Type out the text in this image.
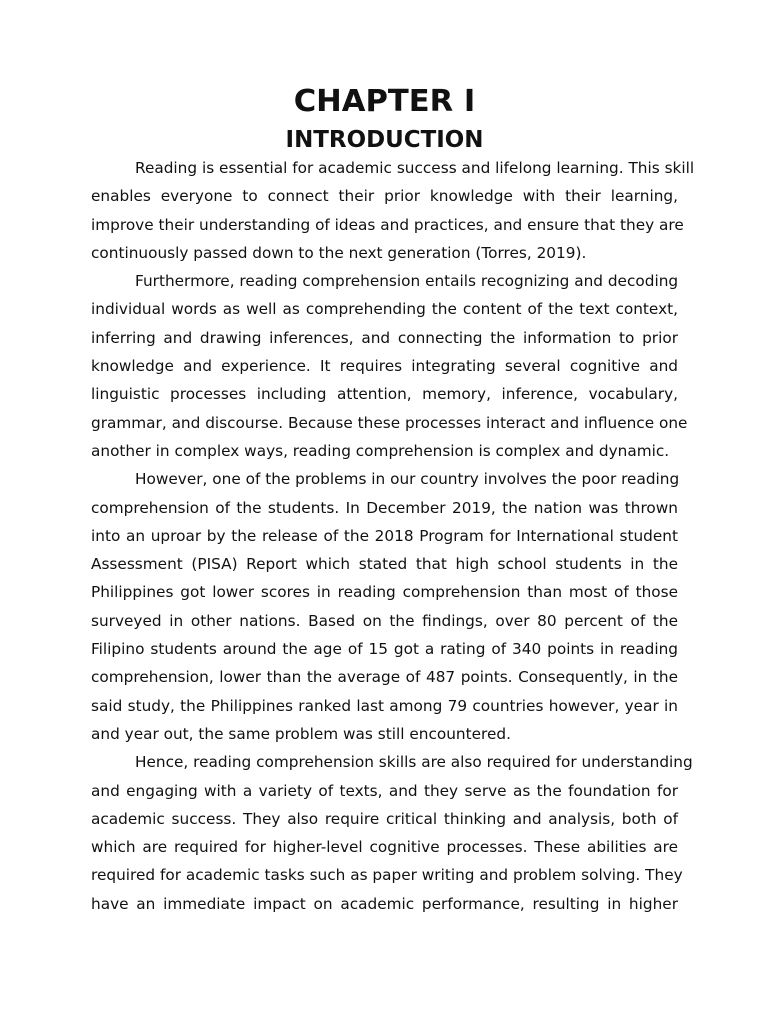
CHAPTER I
INTRODUCTION
Reading is essential for academic success and lifelong learning. This skill
enables everyone to connect their prior knowledge with their learning,
improve their understanding of ideas and practices, and ensure that they are
continuously passed down to the next generation (Torres, 2019).
Furthermore, reading comprehension entails recognizing and decoding
individual words as well as comprehending the content of the text context,
inferring and drawing inferences, and connecting the information to prior
knowledge and experience. It requires integrating several cognitive and
linguistic processes including attention, memory, inference, vocabulary,
grammar, and discourse. Because these processes interact and influence one
another in complex ways, reading comprehension is complex and dynamic.
However, one of the problems in our country involves the poor reading
comprehension of the students. In December 2019, the nation was thrown
into an uproar by the release of the 2018 Program for International student
Assessment (PISA) Report which stated that high school students in the
Philippines got lower scores in reading comprehension than most of those
surveyed in other nations. Based on the findings, over 80 percent of the
Filipino students around the age of 15 got a rating of 340 points in reading
comprehension, lower than the average of 487 points. Consequently, in the
said study, the Philippines ranked last among 79 countries however, year in
and year out, the same problem was still encountered.
Hence, reading comprehension skills are also required for understanding
and engaging with a variety of texts, and they serve as the foundation for
academic success. They also require critical thinking and analysis, both of
which are required for higher-level cognitive processes. These abilities are
required for academic tasks such as paper writing and problem solving. They
have an immediate impact on academic performance, resulting in higher
